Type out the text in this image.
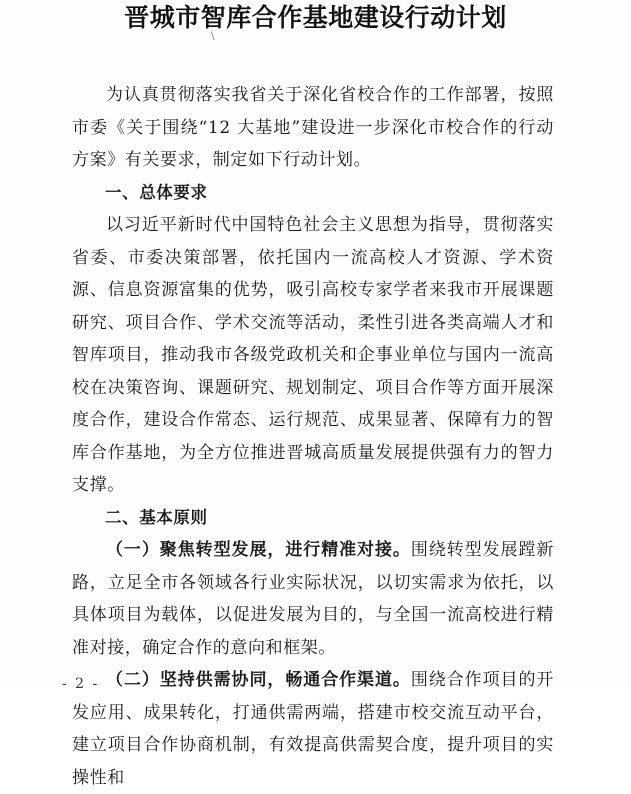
晋城市智库合作基地建设行动计划
\

为认真贯彻落实我省关于深化省校合作的工作部署，按照市委《关于围绕“12 大基地”建设进一步深化市校合作的行动方案》有关要求，制定如下行动计划。

一、总体要求

以习近平新时代中国特色社会主义思想为指导，贯彻落实省委、市委决策部署，依托国内一流高校人才资源、学术资源、信息资源富集的优势，吸引高校专家学者来我市开展课题研究、项目合作、学术交流等活动，柔性引进各类高端人才和智库项目，推动我市各级党政机关和企事业单位与国内一流高校在决策咨询、课题研究、规划制定、项目合作等方面开展深度合作，建设合作常态、运行规范、成果显著、保障有力的智库合作基地，为全方位推进晋城高质量发展提供强有力的智力支撑。

二、基本原则

（一）聚焦转型发展，进行精准对接。围绕转型发展蹚新路，立足全市各领域各行业实际状况，以切实需求为依托，以具体项目为载体，以促进发展为目的，与全国一流高校进行精准对接，确定合作的意向和框架。

（二）坚持供需协同，畅通合作渠道。围绕合作项目的开发应用、成果转化，打通供需两端，搭建市校交流互动平台，建立项目合作协商机制，有效提高供需契合度，提升项目的实操性和

- 2 -
